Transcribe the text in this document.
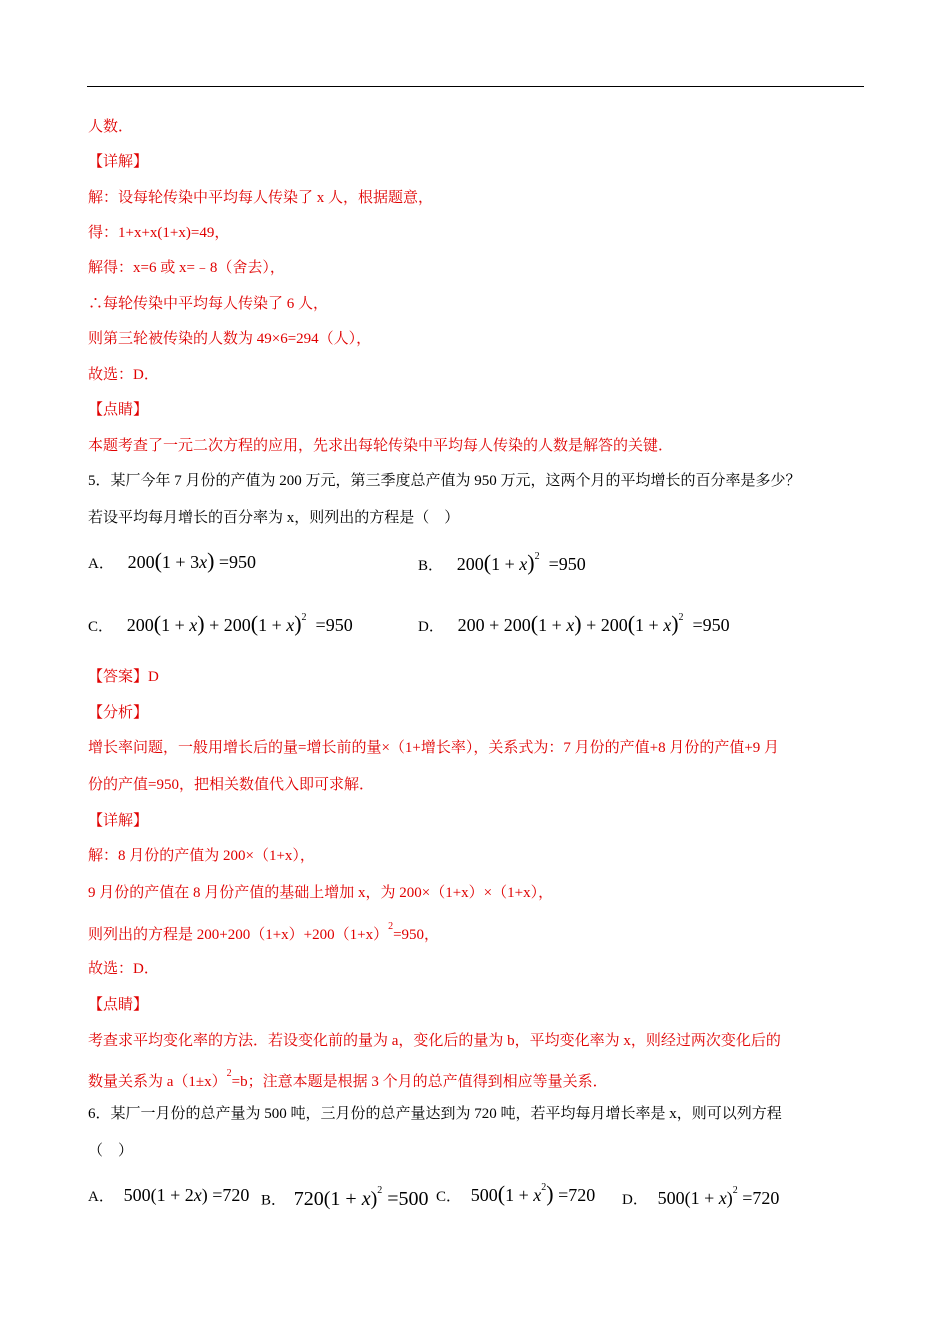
人数．
【详解】
解：设每轮传染中平均每人传染了 x 人，根据题意，
得：1+x+x(1+x)=49，
解得：x=6 或 x=﹣8（舍去），
∴每轮传染中平均每人传染了 6 人，
则第三轮被传染的人数为 49×6=294（人），
故选：D．
【点睛】
本题考查了一元二次方程的应用，先求出每轮传染中平均每人传染的人数是解答的关键．
5．某厂今年 7 月份的产值为 200 万元，第三季度总产值为 950 万元，这两个月的平均增长的百分率是多少？
若设平均每月增长的百分率为 x，则列出的方程是（　）
A． 200(1 + 3x) =950	B． $200(1 + x)^2 =950$
C． $200(1 + x) + 200(1 + x)^2 =950$	D． $200 + 200(1 + x) + 200(1 + x)^2 =950$
【答案】D
【分析】
增长率问题，一般用增长后的量=增长前的量×（1+增长率），关系式为：7 月份的产值+8 月份的产值+9 月
份的产值=950，把相关数值代入即可求解．
【详解】
解：8 月份的产值为 200×（1+x），
9 月份的产值在 8 月份产值的基础上增加 x，为 200×（1+x）×（1+x），
则列出的方程是 $200+200(1+x)+200(1+x)^2=950$，
故选：D．
【点睛】
考查求平均变化率的方法．若设变化前的量为 a，变化后的量为 b，平均变化率为 x，则经过两次变化后的
数量关系为 $a(1\pm x)^2=b$；注意本题是根据 3 个月的总产值得到相应等量关系．
6．某厂一月份的总产量为 500 吨，三月份的总产量达到为 720 吨，若平均每月增长率是 x，则可以列方程
（　）
A． 500(1 + 2x) =720 B． $720(1 + x)^2 =500$ C． $500(1 + x^2) =720$ D． $500(1 + x)^2 =720$
